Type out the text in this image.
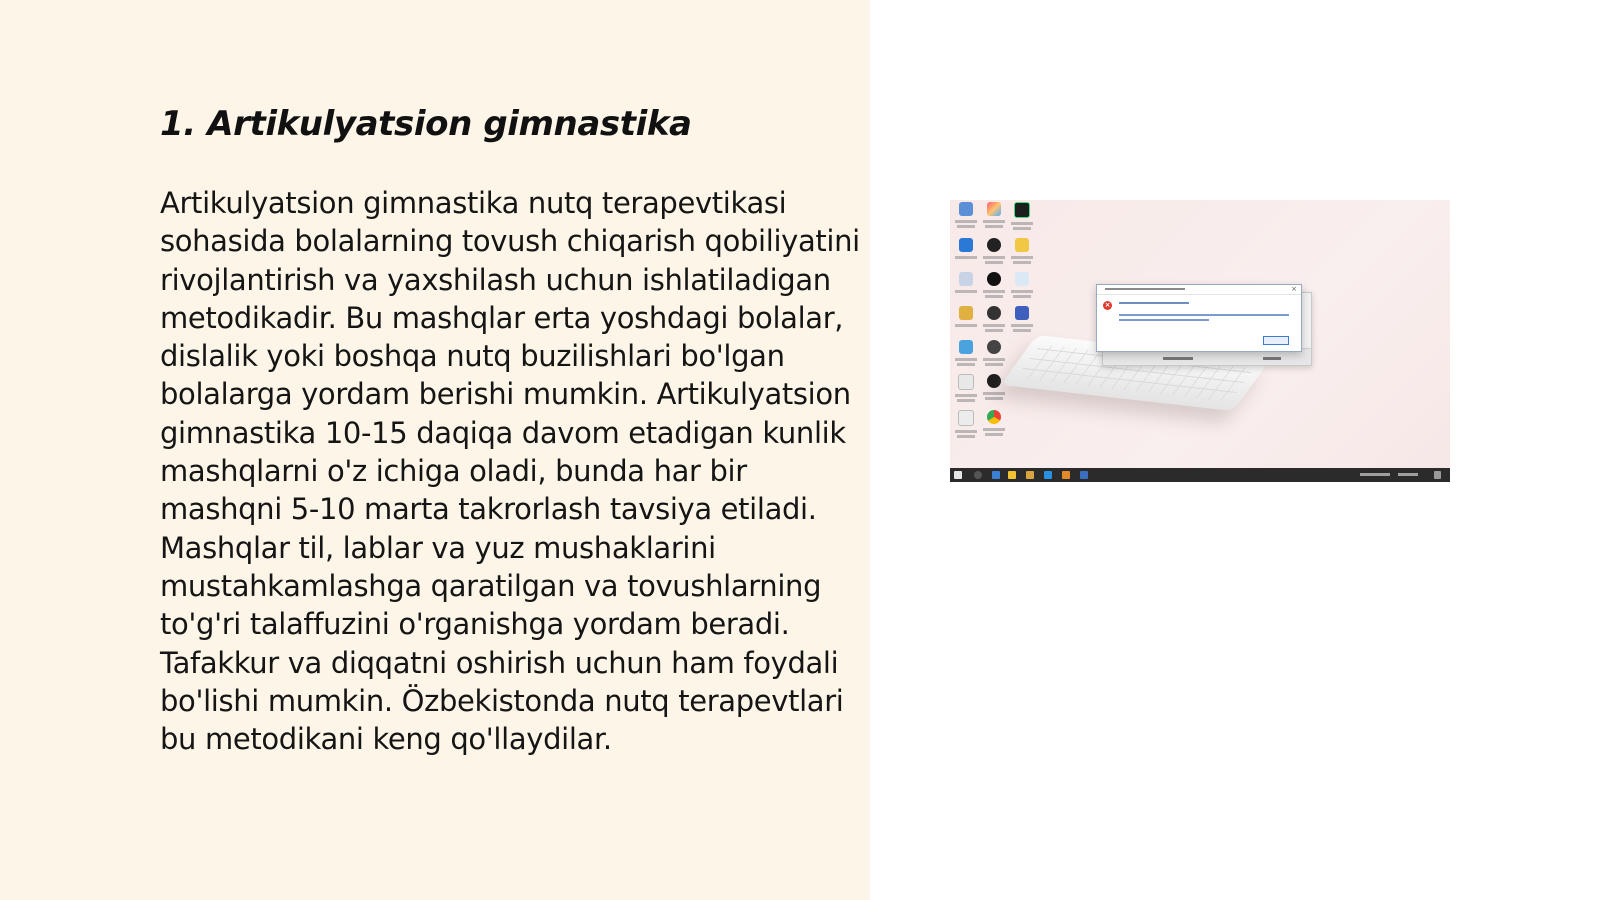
1. Artikulyatsion gimnastika

Artikulyatsion gimnastika nutq terapevtikasi sohasida bolalarning tovush chiqarish qobiliyatini rivojlantirish va yaxshilash uchun ishlatiladigan metodikadir. Bu mashqlar erta yoshdagi bolalar, dislalik yoki boshqa nutq buzilishlari bo'lgan bolalarga yordam berishi mumkin. Artikulyatsion gimnastika 10-15 daqiqa davom etadigan kunlik mashqlarni o'z ichiga oladi, bunda har bir mashqni 5-10 marta takrorlash tavsiya etiladi. Mashqlar til, lablar va yuz mushaklarini mustahkamlashga qaratilgan va tovushlarning to'g'ri talaffuzini o'rganishga yordam beradi. Tafakkur va diqqatni oshirish uchun ham foydali bo'lishi mumkin. Özbekistonda nutq terapevtlari bu metodikani keng qo'llaydilar.

×
×
